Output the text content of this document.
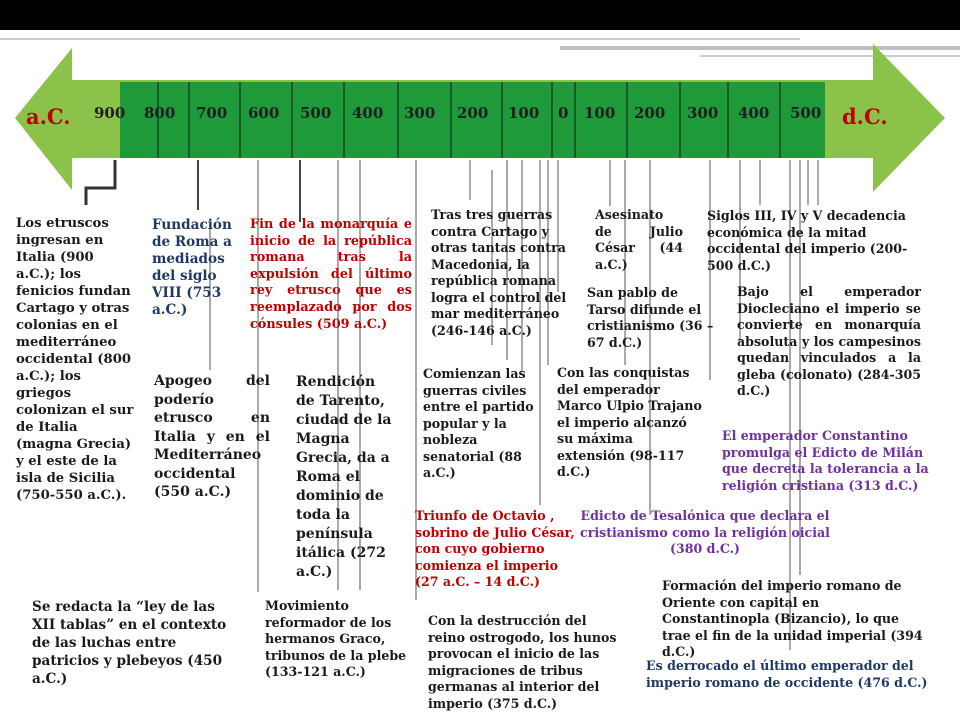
a.C.	d.C.
900 800 700 600 500 400 300 200 100 0 100 200 300 400 500
Los etruscos ingresan en Italia (900 a.C.); los fenicios fundan Cartago y otras colonias en el mediterráneo occidental (800 a.C.); los griegos colonizan el sur de Italia (magna Grecia) y el este de la isla de Sicilia (750-550 a.C.).
Fundación de Roma a mediados del siglo VIII (753 a.C.)
Fin de la monarquía e inicio de la república romana tras la expulsión del último rey etrusco que es reemplazado por dos cónsules (509 a.C.)
Apogeo del poderío etrusco en Italia y en el Mediterráneo occidental (550 a.C.)
Rendición de Tarento, ciudad de la Magna Grecia, da a Roma el dominio de toda la península itálica (272 a.C.)
Se redacta la “ley de las XII tablas” en el contexto de las luchas entre patricios y plebeyos (450 a.C.)
Movimiento reformador de los hermanos Graco, tribunos de la plebe (133-121 a.C.)
Tras tres guerras contra Cartago y otras tantas contra Macedonia, la república romana logra el control del mar mediterráneo (246-146 a.C.)
Comienzan las guerras civiles entre el partido popular y la nobleza senatorial (88 a.C.)
Triunfo de Octavio , sobrino de Julio César, con cuyo gobierno comienza el imperio (27 a.C. – 14 d.C.)
Asesinato de Julio César (44 a.C.)
San pablo de Tarso difunde el cristianismo (36 – 67 d.C.)
Con las conquistas del emperador Marco Ulpio Trajano el imperio alcanzó su máxima extensión (98-117 d.C.)
Edicto de Tesalónica que declara el cristianismo como la religión oicial (380 d.C.)
Con la destrucción del reino ostrogodo, los hunos provocan el inicio de las migraciones de tribus germanas al interior del imperio (375 d.C.)
Siglos III, IV y V decadencia económica de la mitad occidental del imperio (200-500 d.C.)
Bajo el emperador Diocleciano el imperio se convierte en monarquía absoluta y los campesinos quedan vinculados a la gleba (colonato) (284-305 d.C.)
El emperador Constantino promulga el Edicto de Milán que decreta la tolerancia a la religión cristiana (313 d.C.)
Formación del imperio romano de Oriente con capital en Constantinopla (Bizancio), lo que trae el fin de la unidad imperial (394 d.C.)
Es derrocado el último emperador del imperio romano de occidente (476 d.C.)
